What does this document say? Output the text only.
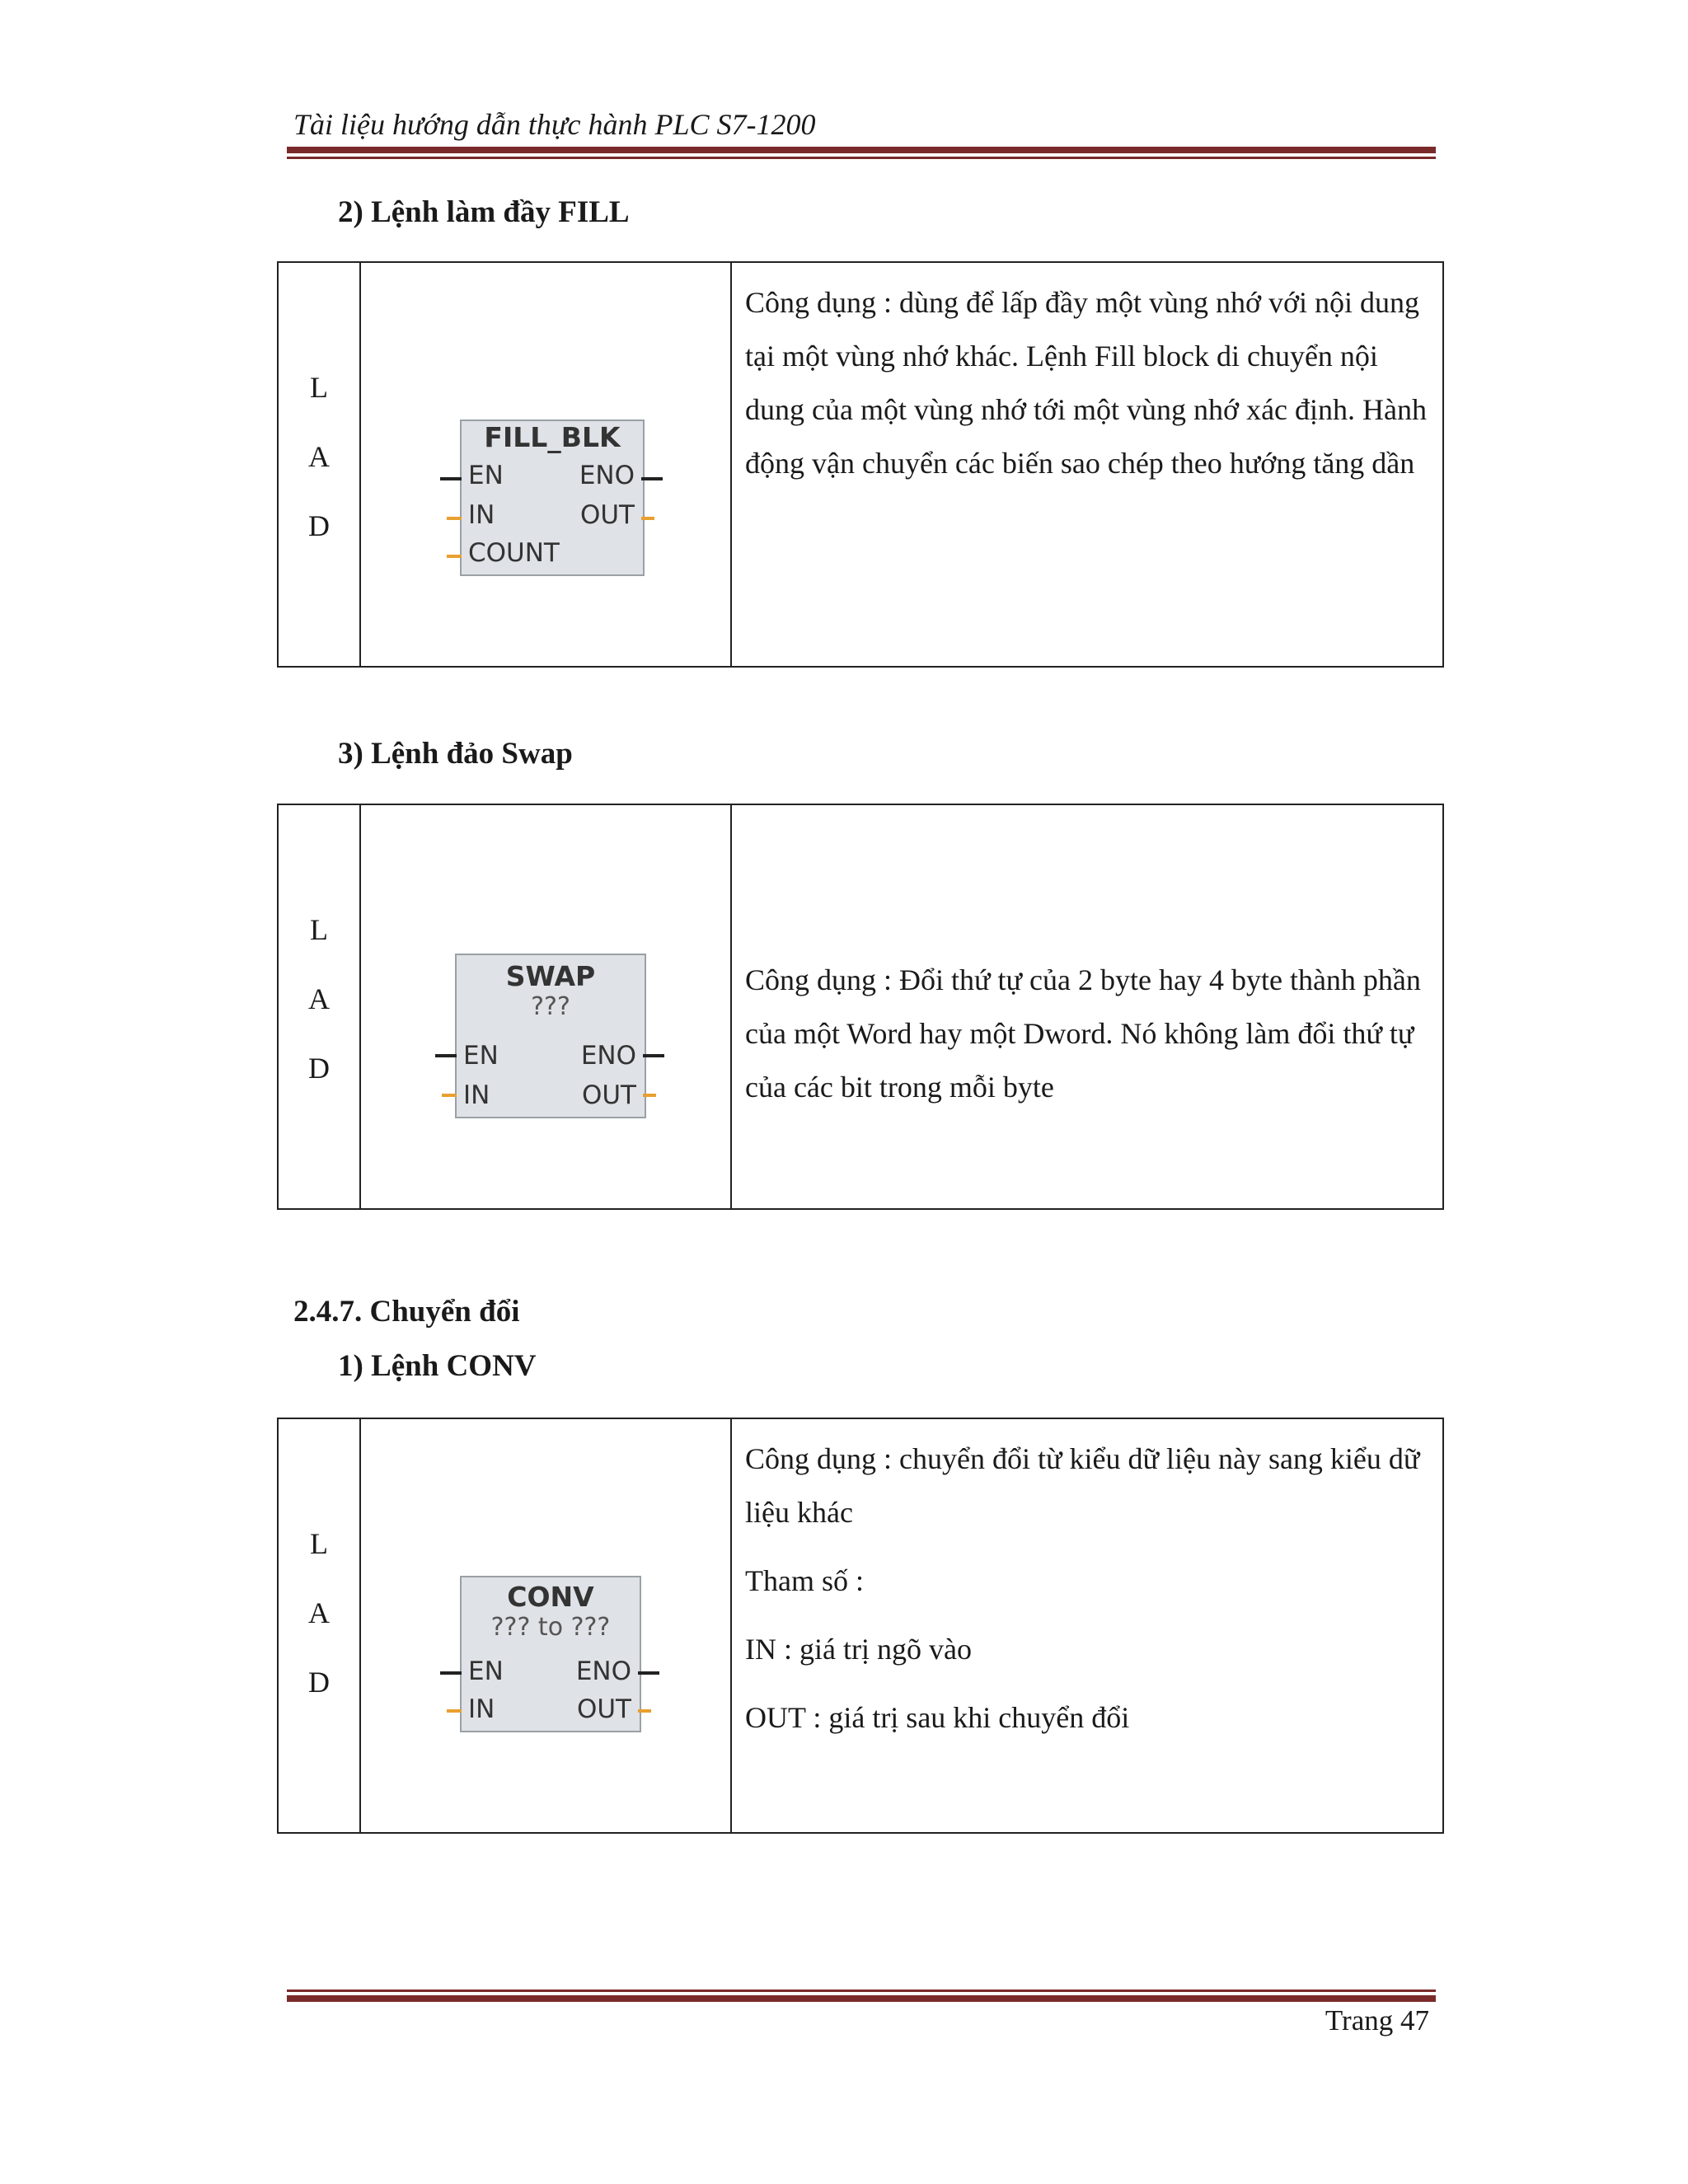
Tài liệu hướng dẫn thực hành PLC S7-1200
2) Lệnh làm đầy FILL
L
A
D

FILL_BLK
EN
IN
COUNT
ENO
OUT

Công dụng : dùng để lấp đầy một vùng nhớ với nội dung tại một vùng nhớ khác. Lệnh Fill block di chuyển nội dung của một vùng nhớ tới một vùng nhớ xác định. Hành động vận chuyển các biến sao chép theo hướng tăng dần

3) Lệnh đảo Swap
L
A
D

SWAP
???
EN
IN
ENO
OUT

Công dụng : Đổi thứ tự của 2 byte hay 4 byte thành phần của một Word hay một Dword. Nó không làm đổi thứ tự của các bit trong mỗi byte

2.4.7. Chuyển đổi
1) Lệnh CONV
L
A
D

CONV
??? to ???
EN
IN
ENO
OUT

Công dụng : chuyển đổi từ kiểu dữ liệu này sang kiểu dữ liệu khác

Tham số :

IN : giá trị ngõ vào

OUT : giá trị sau khi chuyển đổi

Trang 47
